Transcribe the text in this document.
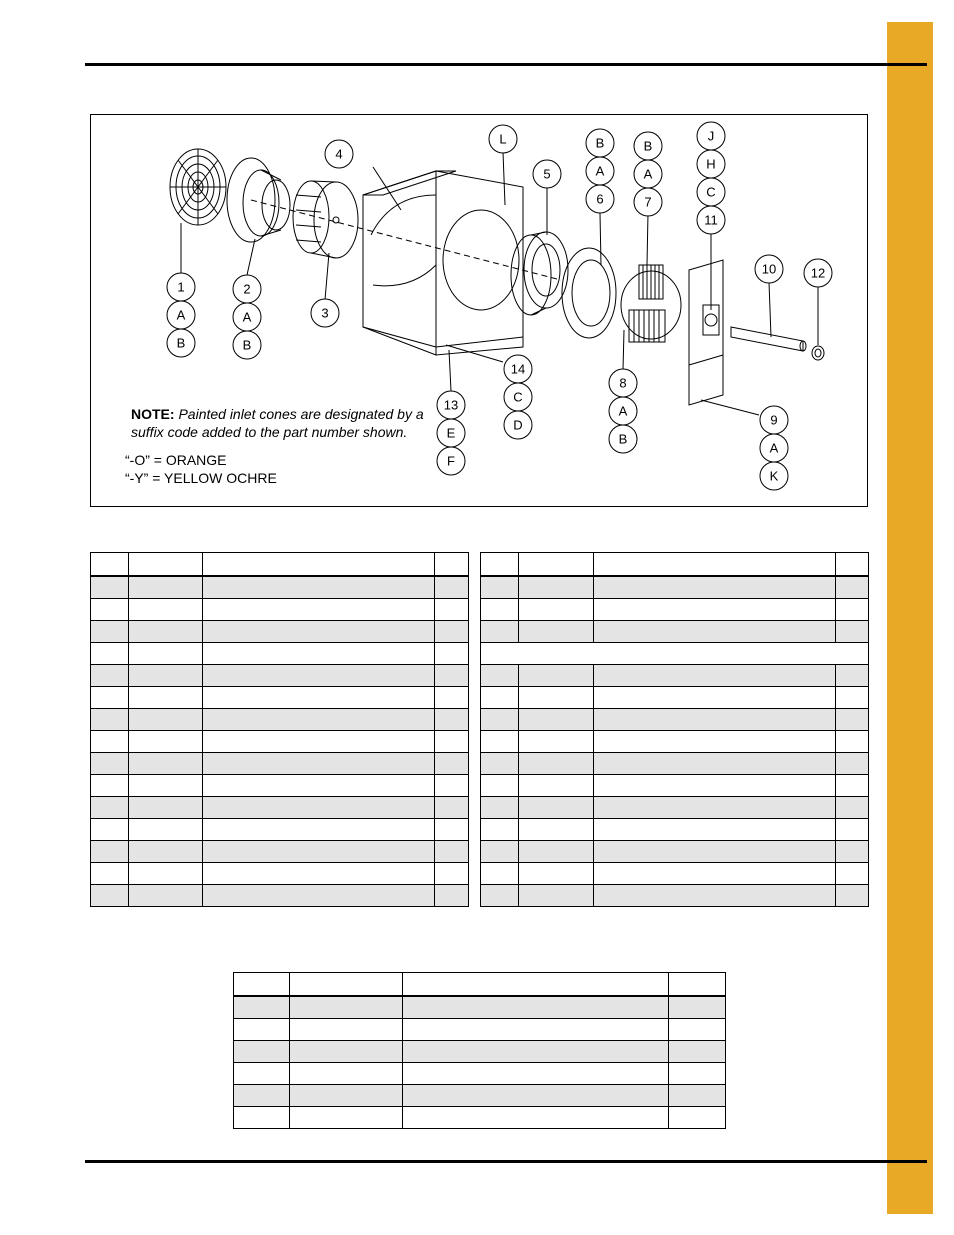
1
A
B
2
A
B
3
4
L
5
B
A
6
B
A
7
J
H
C
11
10	12
14
C
D
13
E
F
8
A
B
9
A
K
NOTE: Painted inlet cones are designated by a suffix code added to the part number shown.
“-O” = ORANGE
“-Y” = YELLOW OCHRE
